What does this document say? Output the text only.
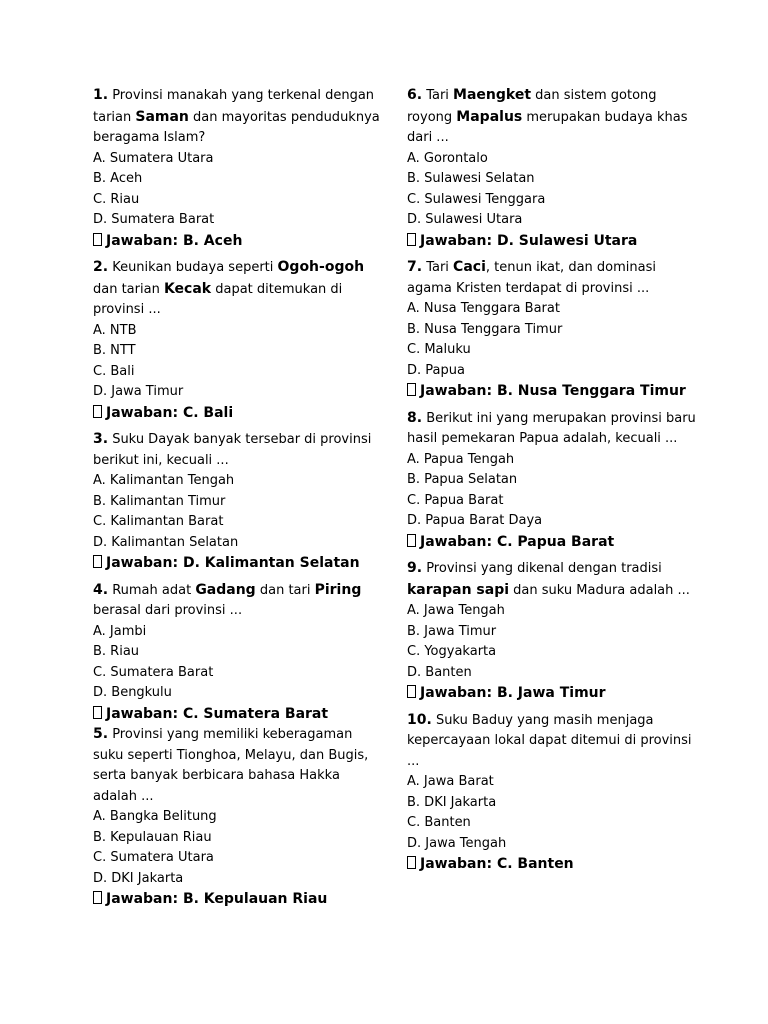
1. Provinsi manakah yang terkenal dengan tarian Saman dan mayoritas penduduknya beragama Islam?

A. Sumatera Utara

B. Aceh

C. Riau

D. Sumatera Barat

Jawaban: B. Aceh

2. Keunikan budaya seperti Ogoh-ogoh dan tarian Kecak dapat ditemukan di provinsi ...

A. NTB

B. NTT

C. Bali

D. Jawa Timur

Jawaban: C. Bali

3. Suku Dayak banyak tersebar di provinsi berikut ini, kecuali ...

A. Kalimantan Tengah

B. Kalimantan Timur

C. Kalimantan Barat

D. Kalimantan Selatan

Jawaban: D. Kalimantan Selatan

4. Rumah adat Gadang dan tari Piring berasal dari provinsi ...

A. Jambi

B. Riau

C. Sumatera Barat

D. Bengkulu

Jawaban: C. Sumatera Barat

5. Provinsi yang memiliki keberagaman suku seperti Tionghoa, Melayu, dan Bugis, serta banyak berbicara bahasa Hakka adalah ...

A. Bangka Belitung

B. Kepulauan Riau

C. Sumatera Utara

D. DKI Jakarta

Jawaban: B. Kepulauan Riau

6. Tari Maengket dan sistem gotong royong Mapalus merupakan budaya khas dari ...

A. Gorontalo

B. Sulawesi Selatan

C. Sulawesi Tenggara

D. Sulawesi Utara

Jawaban: D. Sulawesi Utara

7. Tari Caci, tenun ikat, dan dominasi agama Kristen terdapat di provinsi ...

A. Nusa Tenggara Barat

B. Nusa Tenggara Timur

C. Maluku

D. Papua

Jawaban: B. Nusa Tenggara Timur

8. Berikut ini yang merupakan provinsi baru hasil pemekaran Papua adalah, kecuali ...

A. Papua Tengah

B. Papua Selatan

C. Papua Barat

D. Papua Barat Daya

Jawaban: C. Papua Barat

9. Provinsi yang dikenal dengan tradisi karapan sapi dan suku Madura adalah ...

A. Jawa Tengah

B. Jawa Timur

C. Yogyakarta

D. Banten

Jawaban: B. Jawa Timur

10. Suku Baduy yang masih menjaga kepercayaan lokal dapat ditemui di provinsi ...

A. Jawa Barat

B. DKI Jakarta

C. Banten

D. Jawa Tengah

Jawaban: C. Banten
